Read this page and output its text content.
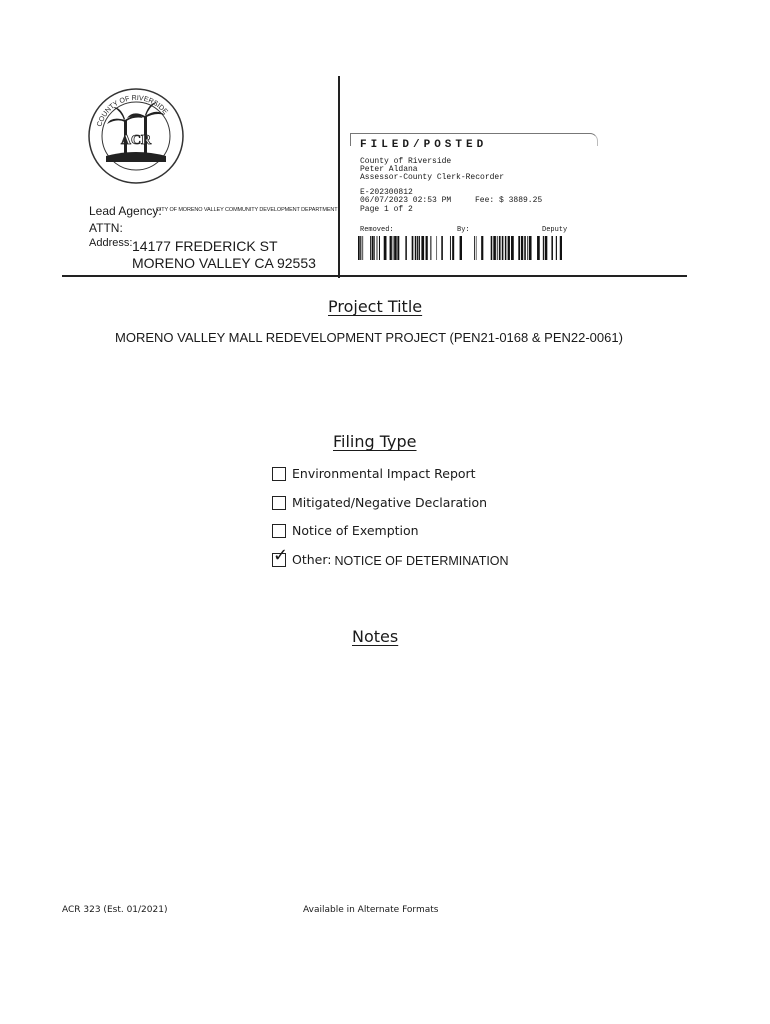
ACR
COUNTY OF RIVERSIDE
Lead Agency:
CITY OF MORENO VALLEY COMMUNITY DEVELOPMENT DEPARTMENT
ATTN:
Address: 14177 FREDERICK ST
MORENO VALLEY CA 92553
FILED/POSTED
County of Riverside
Peter Aldana
Assessor-County Clerk-Recorder
E-202300812
06/07/2023 02:53 PM	Fee: $ 3889.25
Page 1 of 2
Removed:	By:	Deputy
Project Title
MORENO VALLEY MALL REDEVELOPMENT PROJECT (PEN21-0168 & PEN22-0061)
Filing Type
Environmental Impact Report
Mitigated/Negative Declaration
Notice of Exemption
✓ Other: NOTICE OF DETERMINATION
Notes
ACR 323 (Est. 01/2021)	Available in Alternate Formats
